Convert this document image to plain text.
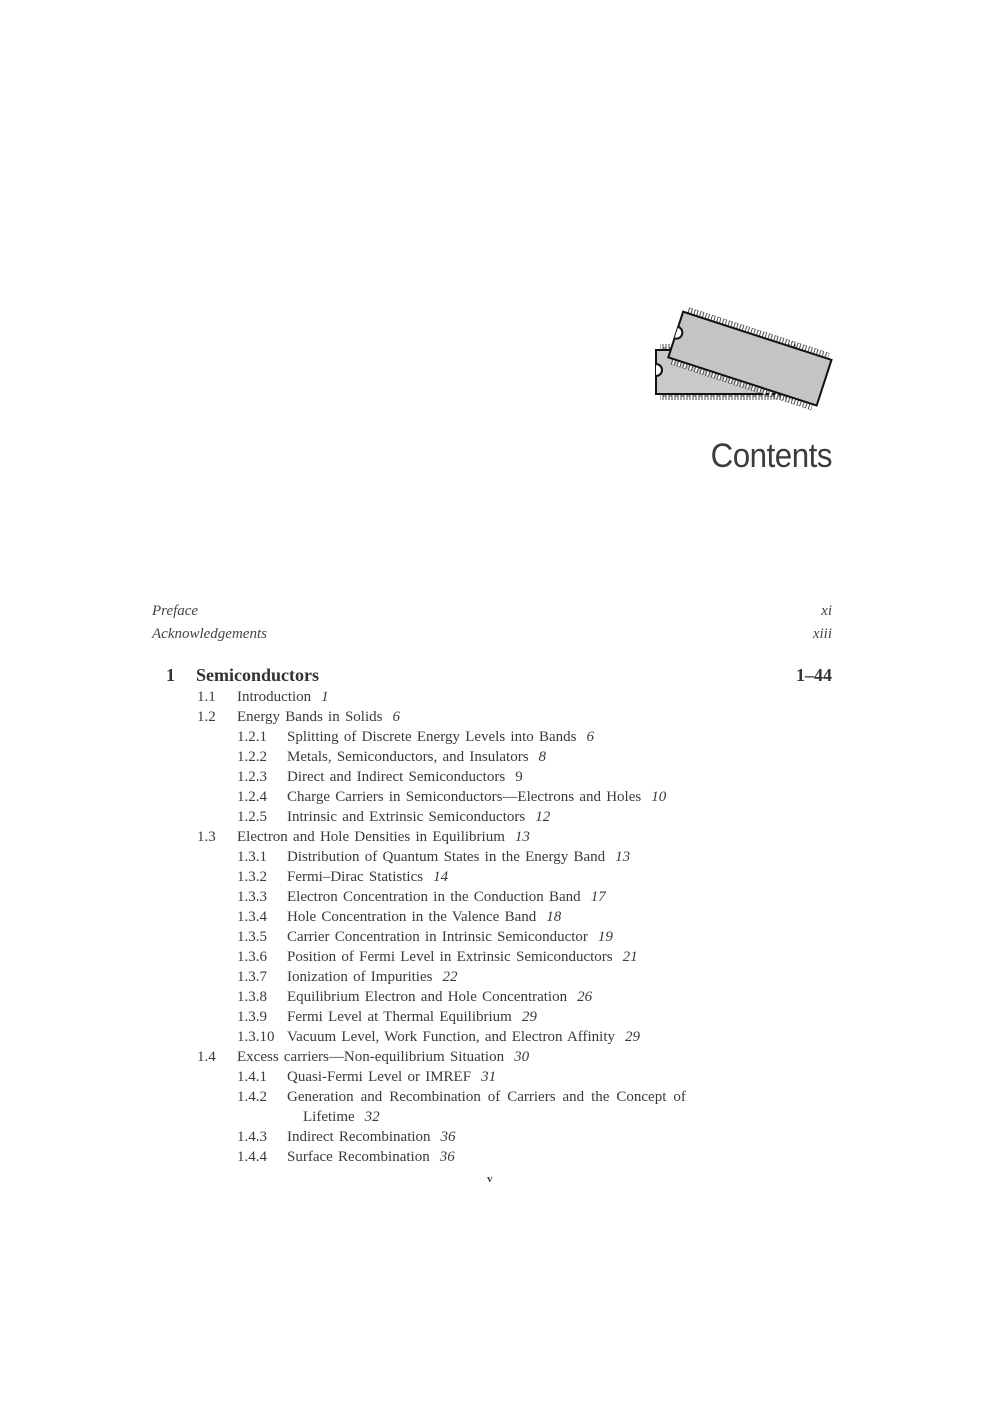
Contents
Preface	xi
Acknowledgements	xiii
1 Semiconductors	1–44
1.1 Introduction 1
1.2 Energy Bands in Solids 6
1.2.1 Splitting of Discrete Energy Levels into Bands 6
1.2.2 Metals, Semiconductors, and Insulators 8
1.2.3 Direct and Indirect Semiconductors 9
1.2.4 Charge Carriers in Semiconductors—Electrons and Holes 10
1.2.5 Intrinsic and Extrinsic Semiconductors 12
1.3 Electron and Hole Densities in Equilibrium 13
1.3.1 Distribution of Quantum States in the Energy Band 13
1.3.2 Fermi–Dirac Statistics 14
1.3.3 Electron Concentration in the Conduction Band 17
1.3.4 Hole Concentration in the Valence Band 18
1.3.5 Carrier Concentration in Intrinsic Semiconductor 19
1.3.6 Position of Fermi Level in Extrinsic Semiconductors 21
1.3.7 Ionization of Impurities 22
1.3.8 Equilibrium Electron and Hole Concentration 26
1.3.9 Fermi Level at Thermal Equilibrium 29
1.3.10 Vacuum Level, Work Function, and Electron Affinity 29
1.4 Excess carriers—Non-equilibrium Situation 30
1.4.1 Quasi-Fermi Level or IMREF 31
1.4.2 Generation and Recombination of Carriers and the Concept of
Lifetime 32
1.4.3 Indirect Recombination 36
1.4.4 Surface Recombination 36
v
